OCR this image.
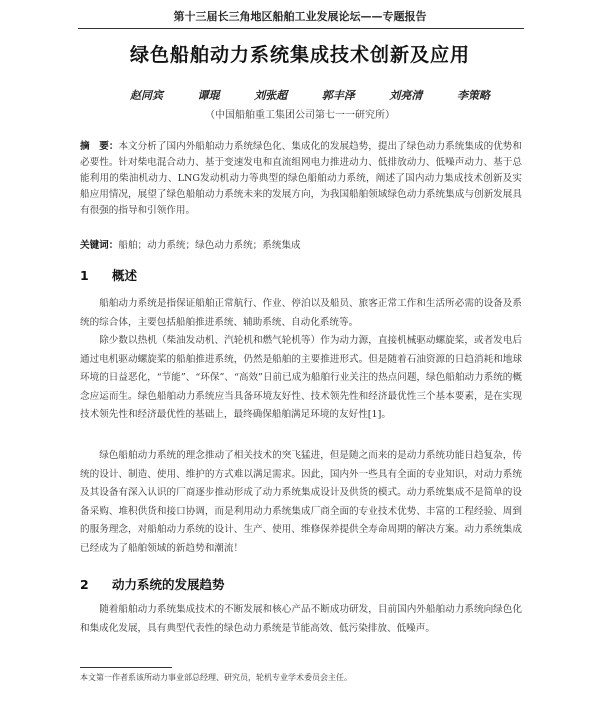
第十三届长三角地区船舶工业发展论坛——专题报告
绿色船舶动力系统集成技术创新及应用
赵同宾	谭琨	刘张超	郭丰泽	刘亮清	李策略
（中国船舶重工集团公司第七一一研究所）
摘　要：本文分析了国内外船舶动力系统绿色化、集成化的发展趋势，提出了绿色动力系统集成的优势和必要性。针对柴电混合动力、基于变速发电和直流组网电力推进动力、低排放动力、低噪声动力、基于总能利用的柴油机动力、LNG发动机动力等典型的绿色船舶动力系统，阐述了国内动力集成技术创新及实船应用情况，展望了绿色船舶动力系统未来的发展方向，为我国船舶领域绿色动力系统集成与创新发展具有很强的指导和引领作用。
关键词：船舶；动力系统；绿色动力系统；系统集成
1 概述
船舶动力系统是指保证船舶正常航行、作业、停泊以及船员、旅客正常工作和生活所必需的设备及系统的综合体，主要包括船舶推进系统、辅助系统、自动化系统等。
除少数以热机（柴油发动机、汽轮机和燃气轮机等）作为动力源，直接机械驱动螺旋桨，或者发电后通过电机驱动螺旋桨的船舶推进系统，仍然是船舶的主要推进形式。但是随着石油资源的日趋消耗和地球环境的日益恶化，“节能”、“环保”、“高效”日前已成为船舶行业关注的热点问题，绿色船舶动力系统的概念应运而生。绿色船舶动力系统应当具备环境友好性、技术领先性和经济最优性三个基本要素，是在实现技术领先性和经济最优性的基础上，最终确保船舶满足环境的友好性[1]。
绿色船舶动力系统的理念推动了相关技术的突飞猛进，但是随之而来的是动力系统功能日趋复杂，传统的设计、制造、使用、维护的方式难以满足需求。因此，国内外一些具有全面的专业知识，对动力系统及其设备有深入认识的厂商逐步推动形成了动力系统集成设计及供货的模式。动力系统集成不是简单的设备采购、堆积供货和接口协调，而是利用动力系统集成厂商全面的专业技术优势、丰富的工程经验、周到的服务理念，对船舶动力系统的设计、生产、使用、维修保养提供全寿命周期的解决方案。动力系统集成已经成为了船舶领域的新趋势和潮流！
2 动力系统的发展趋势
随着船舶动力系统集成技术的不断发展和核心产品不断成功研发，目前国内外船舶动力系统向绿色化和集成化发展，具有典型代表性的绿色动力系统是节能高效、低污染排放、低噪声。
本文第一作者系该所动力事业部总经理、研究员，轮机专业学术委员会主任。
